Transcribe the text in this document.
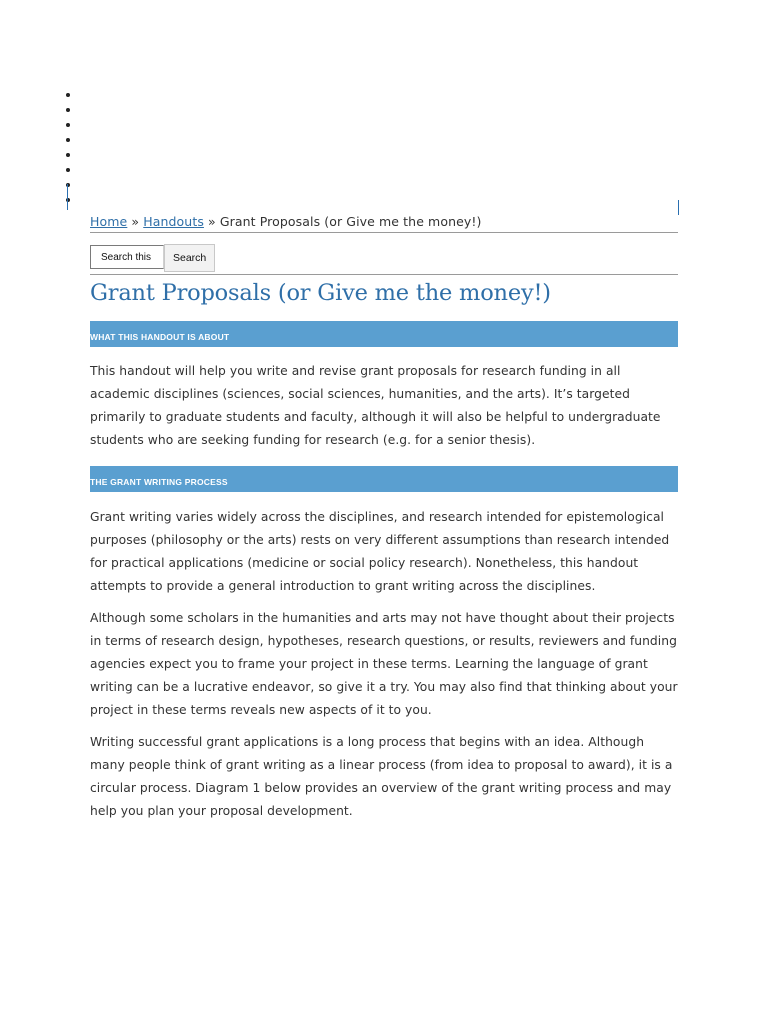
Home » Handouts » Grant Proposals (or Give me the money!)
Search this
Search
Grant Proposals (or Give me the money!)
WHAT THIS HANDOUT IS ABOUT

This handout will help you write and revise grant proposals for research funding in all academic disciplines (sciences, social sciences, humanities, and the arts). It’s targeted primarily to graduate students and faculty, although it will also be helpful to undergraduate students who are seeking funding for research (e.g. for a senior thesis).

THE GRANT WRITING PROCESS

Grant writing varies widely across the disciplines, and research intended for epistemological purposes (philosophy or the arts) rests on very different assumptions than research intended for practical applications (medicine or social policy research). Nonetheless, this handout attempts to provide a general introduction to grant writing across the disciplines.

Although some scholars in the humanities and arts may not have thought about their projects in terms of research design, hypotheses, research questions, or results, reviewers and funding agencies expect you to frame your project in these terms. Learning the language of grant writing can be a lucrative endeavor, so give it a try. You may also find that thinking about your project in these terms reveals new aspects of it to you.

Writing successful grant applications is a long process that begins with an idea. Although many people think of grant writing as a linear process (from idea to proposal to award), it is a circular process. Diagram 1 below provides an overview of the grant writing process and may help you plan your proposal development.
